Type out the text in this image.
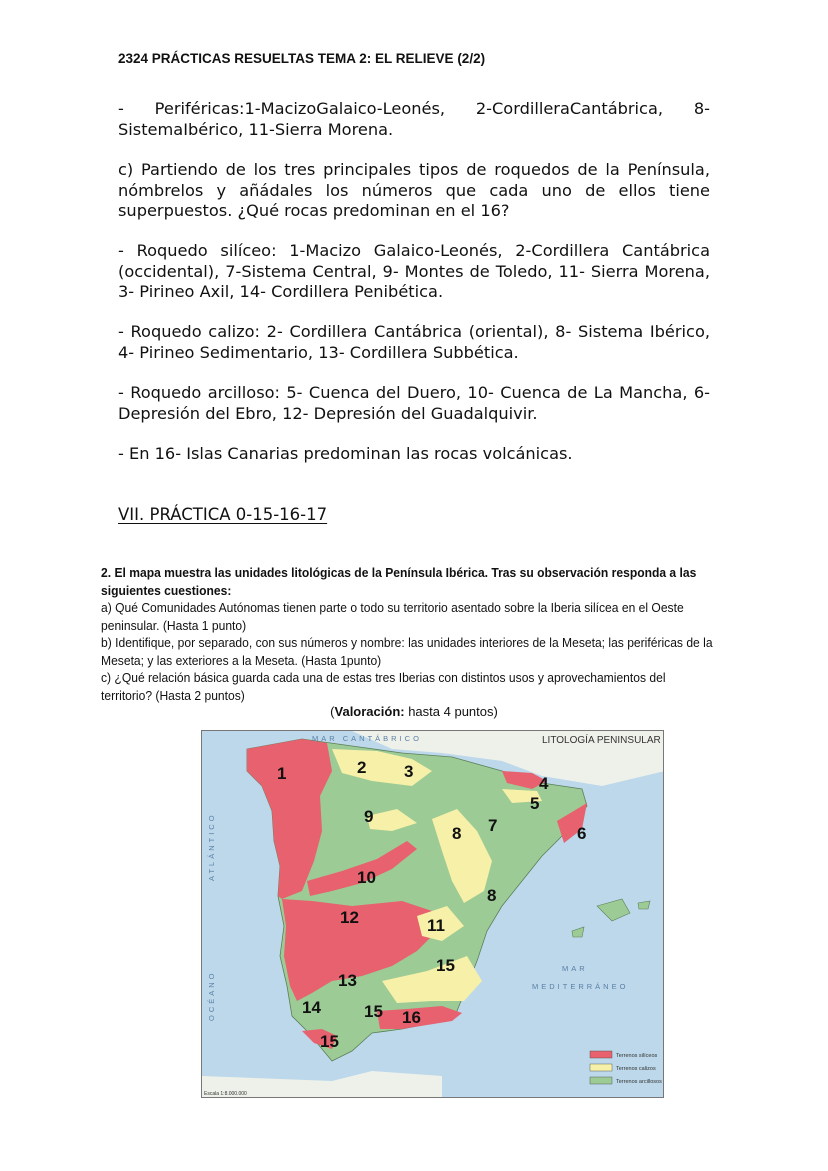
2324 PRÁCTICAS RESUELTAS TEMA 2: EL RELIEVE (2/2)

- Periféricas:1-MacizoGalaico-Leonés, 2-CordilleraCantábrica, 8-SistemaIbérico, 11-Sierra Morena.

c) Partiendo de los tres principales tipos de roquedos de la Península, nómbrelos y añádales los números que cada uno de ellos tiene superpuestos. ¿Qué rocas predominan en el 16?

- Roquedo silíceo: 1-Macizo Galaico-Leonés, 2-Cordillera Cantábrica (occidental), 7-Sistema Central, 9- Montes de Toledo, 11- Sierra Morena, 3- Pirineo Axil, 14- Cordillera Penibética.

- Roquedo calizo: 2- Cordillera Cantábrica (oriental), 8- Sistema Ibérico, 4- Pirineo Sedimentario, 13- Cordillera Subbética.

- Roquedo arcilloso: 5- Cuenca del Duero, 10- Cuenca de La Mancha, 6- Depresión del Ebro, 12- Depresión del Guadalquivir.

- En 16- Islas Canarias predominan las rocas volcánicas.

VII. PRÁCTICA 0-15-16-17
2. El mapa muestra las unidades litológicas de la Península Ibérica. Tras su observación responda a las siguientes cuestiones:
a) Qué Comunidades Autónomas tienen parte o todo su territorio asentado sobre la Iberia silícea en el Oeste peninsular. (Hasta 1 punto)
b) Identifique, por separado, con sus números y nombre: las unidades interiores de la Meseta; las periféricas de la Meseta; y las exteriores a la Meseta. (Hasta 1punto)
c) ¿Qué relación básica guarda cada una de estas tres Iberias con distintos usos y aprovechamientos del territorio? (Hasta 2 puntos)
(Valoración: hasta 4 puntos)
LITOLOGÍA PENINSULAR
MAR CANTÁBRICO
ATLÁNTICO
OCÉANO
MAR
MEDITERRÁNEO
1	2 3
4
5
6
7
8
8
9
10
11
12
13
14
15
15
15
16
Terrenos silíceos
Terrenos calizos
Terrenos arcillosos
Escala 1:8.000.000
